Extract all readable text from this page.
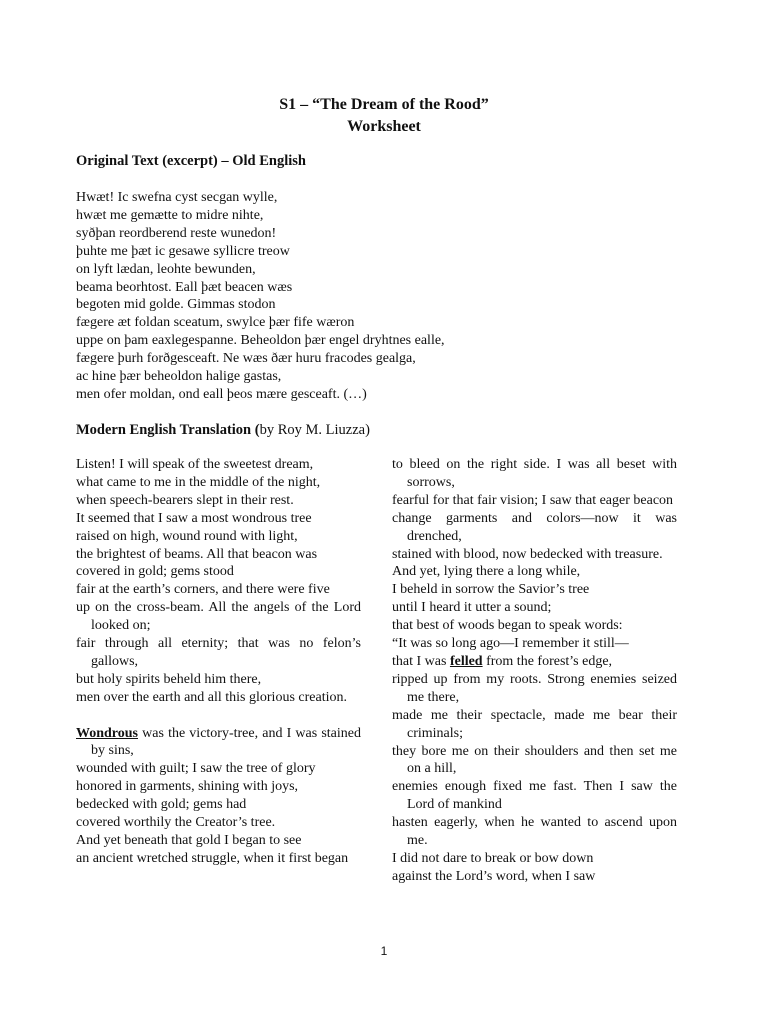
S1 – “The Dream of the Rood”
Worksheet
Original Text (excerpt) – Old English
Hwæt! Ic swefna cyst secgan wylle,
hwæt me gemætte to midre nihte,
syðþan reordberend reste wunedon!
þuhte me þæt ic gesawe syllicre treow
on lyft lædan, leohte bewunden,
beama beorhtost. Eall þæt beacen wæs
begoten mid golde. Gimmas stodon
fægere æt foldan sceatum, swylce þær fife wæron
uppe on þam eaxlegespanne. Beheoldon þær engel dryhtnes ealle,
fægere þurh forðgesceaft. Ne wæs ðær huru fracodes gealga,
ac hine þær beheoldon halige gastas,
men ofer moldan, ond eall þeos mære gesceaft. (…)
Modern English Translation (by Roy M. Liuzza)
Listen! I will speak of the sweetest dream,
what came to me in the middle of the night,
when speech-bearers slept in their rest.
It seemed that I saw a most wondrous tree
raised on high, wound round with light,
the brightest of beams. All that beacon was
covered in gold; gems stood
fair at the earth’s corners, and there were five
up on the cross-beam. All the angels of the Lord looked on;
fair through all eternity; that was no felon’s gallows,
but holy spirits beheld him there,
men over the earth and all this glorious creation.
Wondrous was the victory-tree, and I was stained by sins,
wounded with guilt; I saw the tree of glory
honored in garments, shining with joys,
bedecked with gold; gems had
covered worthily the Creator’s tree.
And yet beneath that gold I began to see
an ancient wretched struggle, when it first began
to bleed on the right side. I was all beset with sorrows,
fearful for that fair vision; I saw that eager beacon
change garments and colors—now it was drenched,
stained with blood, now bedecked with treasure.
And yet, lying there a long while,
I beheld in sorrow the Savior’s tree
until I heard it utter a sound;
that best of woods began to speak words:
“It was so long ago—I remember it still—
that I was felled from the forest’s edge,
ripped up from my roots. Strong enemies seized me there,
made me their spectacle, made me bear their criminals;
they bore me on their shoulders and then set me on a hill,
enemies enough fixed me fast. Then I saw the Lord of mankind
hasten eagerly, when he wanted to ascend upon me.
I did not dare to break or bow down
against the Lord’s word, when I saw
1
